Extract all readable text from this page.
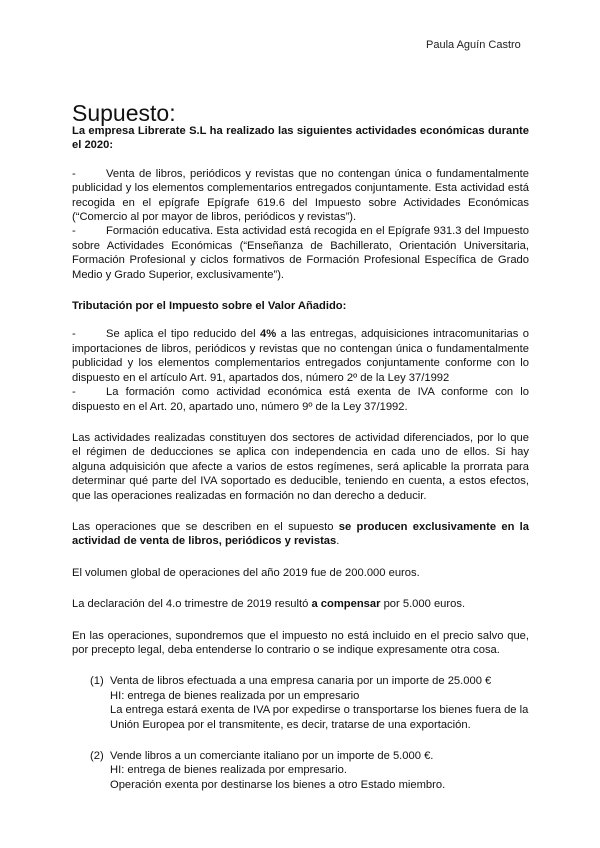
Paula Aguín Castro
Supuesto:

La empresa Librerate S.L ha realizado las siguientes actividades económicas durante el 2020:

-	Venta de libros, periódicos y revistas que no contengan única o fundamentalmente publicidad y los elementos complementarios entregados conjuntamente. Esta actividad está recogida en el epígrafe Epígrafe 619.6 del Impuesto sobre Actividades Económicas (“Comercio al por mayor de libros, periódicos y revistas”).

-	Formación educativa. Esta actividad está recogida en el Epígrafe 931.3 del Impuesto sobre Actividades Económicas (“Enseñanza de Bachillerato, Orientación Universitaria, Formación Profesional y ciclos formativos de Formación Profesional Específica de Grado Medio y Grado Superior, exclusivamente”).

Tributación por el Impuesto sobre el Valor Añadido:

-	Se aplica el tipo reducido del 4% a las entregas, adquisiciones intracomunitarias o importaciones de libros, periódicos y revistas que no contengan única o fundamentalmente publicidad y los elementos complementarios entregados conjuntamente conforme con lo dispuesto en el artículo Art. 91, apartados dos, número 2º de la Ley 37/1992

-	La formación como actividad económica está exenta de IVA conforme con lo dispuesto en el Art. 20, apartado uno, número 9º de la Ley 37/1992.

Las actividades realizadas constituyen dos sectores de actividad diferenciados, por lo que el régimen de deducciones se aplica con independencia en cada uno de ellos. Si hay alguna adquisición que afecte a varios de estos regímenes, será aplicable la prorrata para determinar qué parte del IVA soportado es deducible, teniendo en cuenta, a estos efectos, que las operaciones realizadas en formación no dan derecho a deducir.

Las operaciones que se describen en el supuesto se producen exclusivamente en la actividad de venta de libros, periódicos y revistas.

El volumen global de operaciones del año 2019 fue de 200.000 euros.

La declaración del 4.o trimestre de 2019 resultó a compensar por 5.000 euros.

En las operaciones, supondremos que el impuesto no está incluido en el precio salvo que, por precepto legal, deba entenderse lo contrario o se indique expresamente otra cosa.

(1) Venta de libros efectuada a una empresa canaria por un importe de 25.000 €
HI: entrega de bienes realizada por un empresario
La entrega estará exenta de IVA por expedirse o transportarse los bienes fuera de la Unión Europea por el transmitente, es decir, tratarse de una exportación.
(2) Vende libros a un comerciante italiano por un importe de 5.000 €.
HI: entrega de bienes realizada por empresario.
Operación exenta por destinarse los bienes a otro Estado miembro.
